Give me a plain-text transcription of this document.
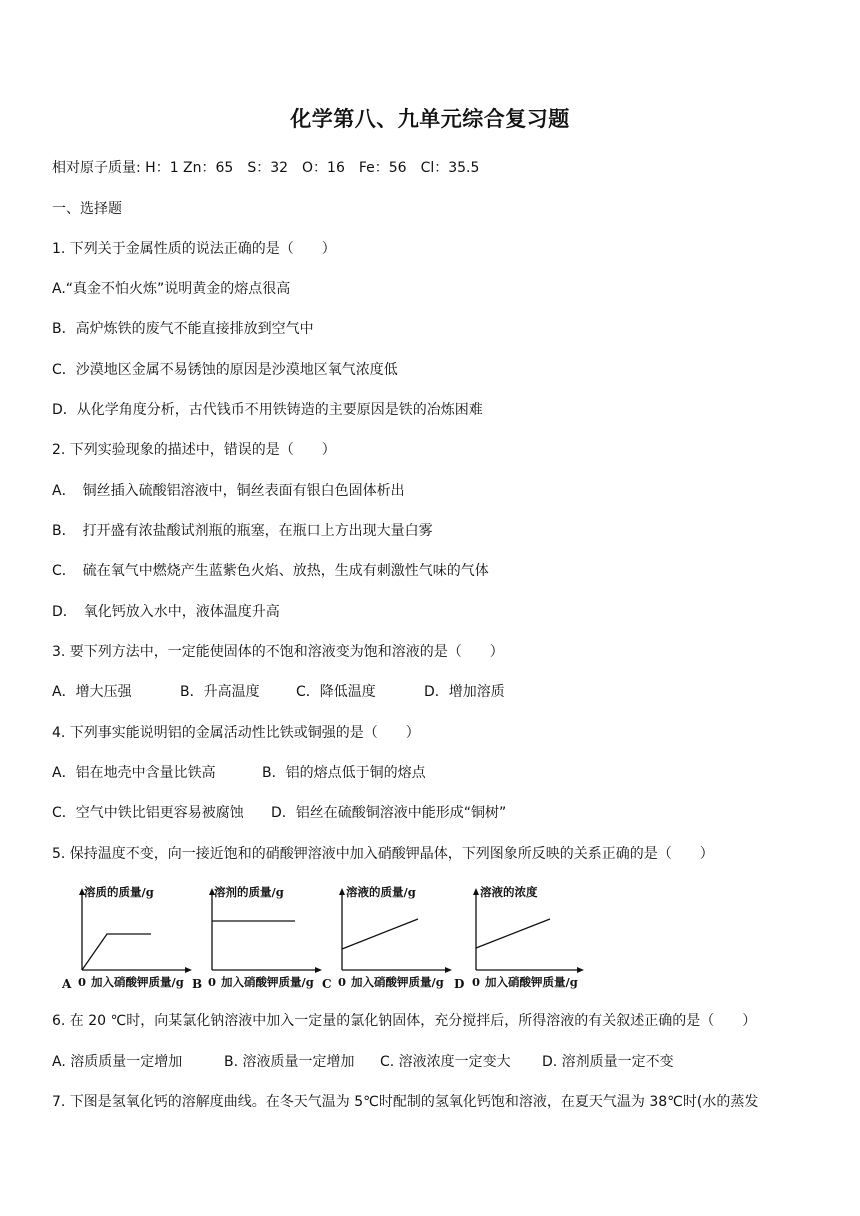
化学第八、九单元综合复习题
相对原子质量: H：1 Zn：65　S：32　O：16　Fe：56　Cl：35.5
一、选择题
1. 下列关于金属性质的说法正确的是（　　）
A.“真金不怕火炼”说明黄金的熔点很高
B．高炉炼铁的废气不能直接排放到空气中
C．沙漠地区金属不易锈蚀的原因是沙漠地区氧气浓度低
D．从化学角度分析，古代钱币不用铁铸造的主要原因是铁的冶炼困难
2. 下列实验现象的描述中，错误的是（　　）
A．　铜丝插入硫酸铝溶液中，铜丝表面有银白色固体析出
B．　打开盛有浓盐酸试剂瓶的瓶塞，在瓶口上方出现大量白雾
C．　硫在氧气中燃烧产生蓝紫色火焰、放热，生成有刺激性气味的气体
D．　氧化钙放入水中，液体温度升高
3. 要下列方法中，一定能使固体的不饱和溶液变为饱和溶液的是（　　）
A．增大压强	B．升高温度	C．降低温度	D．增加溶质
4. 下列事实能说明铝的金属活动性比铁或铜强的是（　　）
A．铝在地壳中含量比铁高	B．铝的熔点低于铜的熔点
C．空气中铁比铝更容易被腐蚀 D．铝丝在硫酸铜溶液中能形成“铜树”
5. 保持温度不变，向一接近饱和的硝酸钾溶液中加入硝酸钾晶体，下列图象所反映的关系正确的是（　　）
溶质的质量/g
A 0 加入硝酸钾质量/g
溶剂的质量/g
B 0 加入硝酸钾质量/g
溶液的质量/g
C 0 加入硝酸钾质量/g
溶液的浓度
D 0 加入硝酸钾质量/g
6. 在 20 ℃时，向某氯化钠溶液中加入一定量的氯化钠固体，充分搅拌后，所得溶液的有关叙述正确的是（　　）
A. 溶质质量一定增加	B. 溶液质量一定增加 C. 溶液浓度一定变大 D. 溶剂质量一定不变
7. 下图是氢氧化钙的溶解度曲线。在冬天气温为 5℃时配制的氢氧化钙饱和溶液，在夏天气温为 38℃时(水的蒸发
